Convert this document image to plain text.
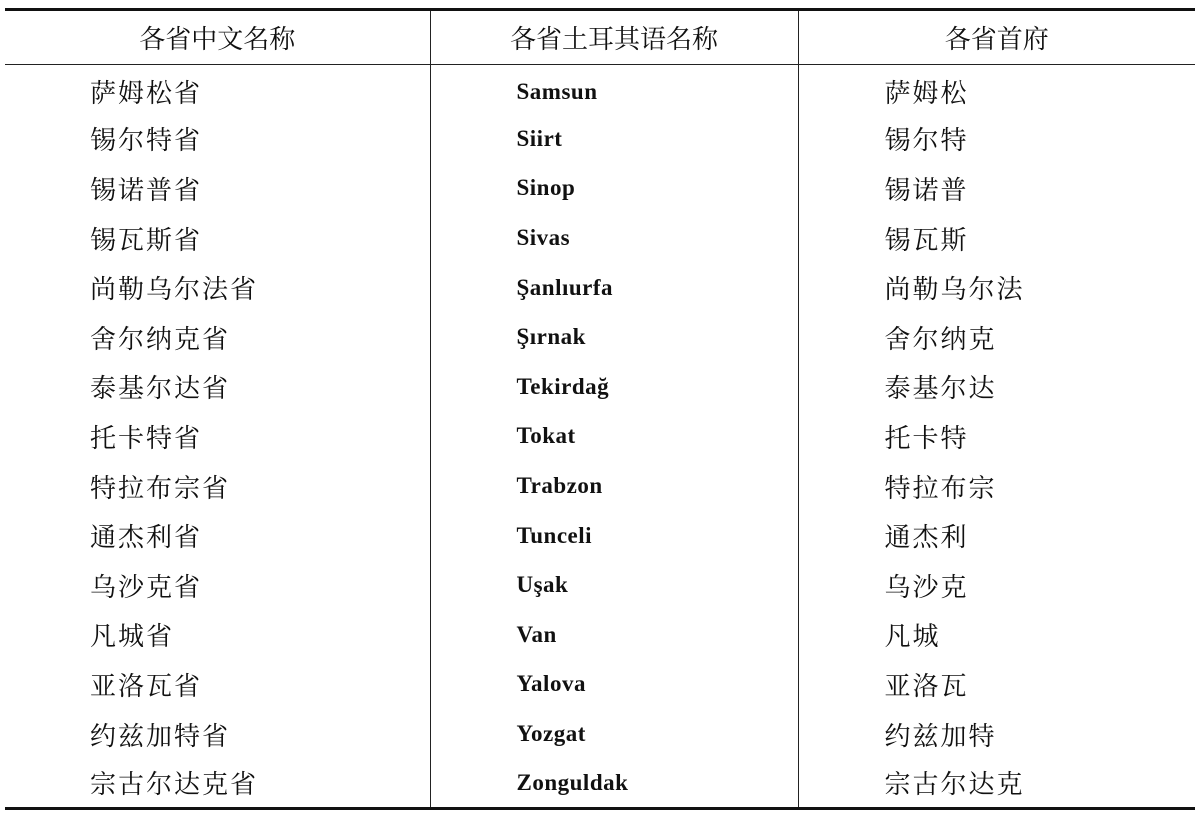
各省中文名称	各省土耳其语名称	各省首府
萨姆松省	Samsun	萨姆松
锡尔特省	Siirt	锡尔特
锡诺普省	Sinop	锡诺普
锡瓦斯省	Sivas	锡瓦斯
尚勒乌尔法省	Şanlıurfa	尚勒乌尔法
舍尔纳克省	Şırnak	舍尔纳克
泰基尔达省	Tekirdağ	泰基尔达
托卡特省	Tokat	托卡特
特拉布宗省	Trabzon	特拉布宗
通杰利省	Tunceli	通杰利
乌沙克省	Uşak	乌沙克
凡城省	Van	凡城
亚洛瓦省	Yalova	亚洛瓦
约兹加特省	Yozgat	约兹加特
宗古尔达克省	Zonguldak	宗古尔达克
